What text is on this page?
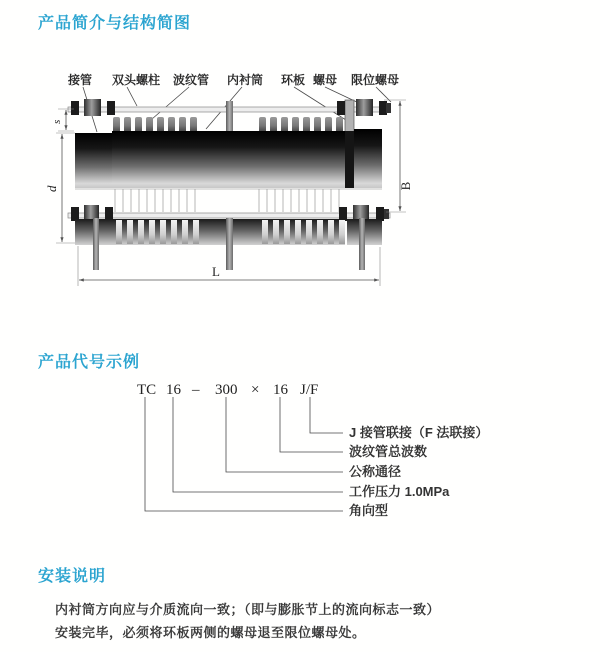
产品简介与结构简图
产品代号示例
安装说明
接管 双头螺柱 波纹管 内衬筒 环板 螺母 限位螺母
s
d	B
L
TC 16 – 300 × 16 J/F
J 接管联接（F 法联接）
波纹管总波数
公称通径
工作压力 1.0MPa
角向型
内衬筒方向应与介质流向一致；（即与膨胀节上的流向标志一致）
安装完毕，必须将环板两侧的螺母退至限位螺母处。
